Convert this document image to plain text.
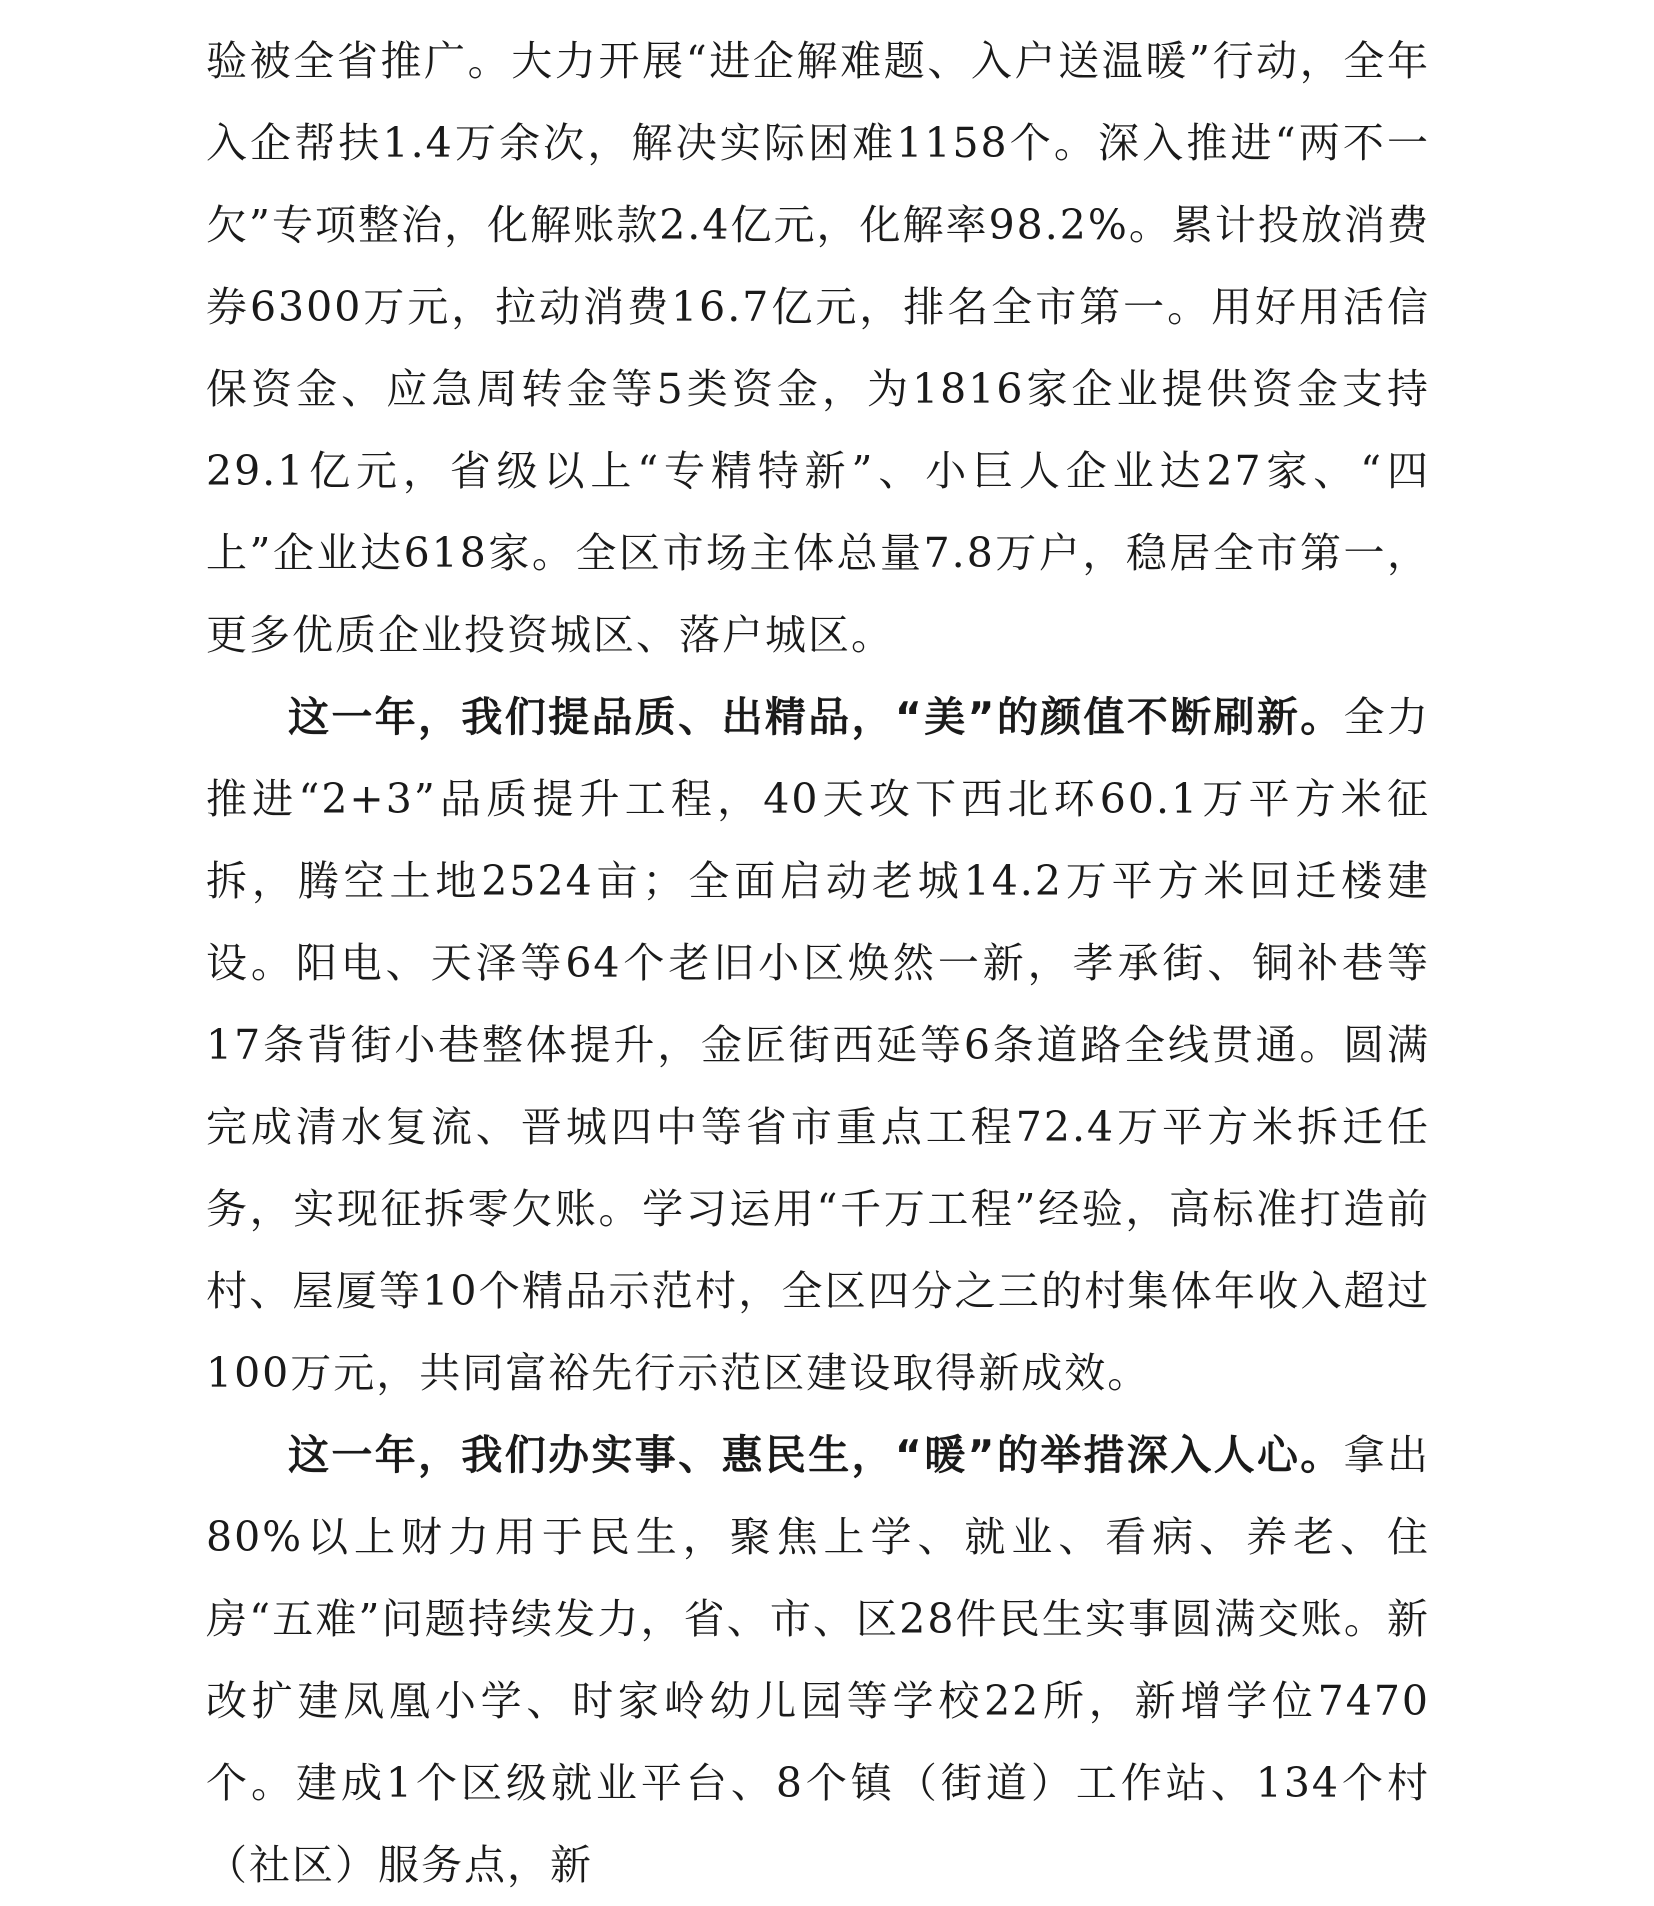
验被全省推广。大力开展“进企解难题、入户送温暖”行动，全年入企帮扶1.4万余次，解决实际困难1158个。深入推进“两不一欠”专项整治，化解账款2.4亿元，化解率98.2%。累计投放消费券6300万元，拉动消费16.7亿元，排名全市第一。用好用活信保资金、应急周转金等5类资金，为1816家企业提供资金支持29.1亿元，省级以上“专精特新”、小巨人企业达27家、“四上”企业达618家。全区市场主体总量7.8万户，稳居全市第一，更多优质企业投资城区、落户城区。

这一年，我们提品质、出精品，“美”的颜值不断刷新。全力推进“2+3”品质提升工程，40天攻下西北环60.1万平方米征拆，腾空土地2524亩；全面启动老城14.2万平方米回迁楼建设。阳电、天泽等64个老旧小区焕然一新，孝承街、铜补巷等17条背街小巷整体提升，金匠街西延等6条道路全线贯通。圆满完成清水复流、晋城四中等省市重点工程72.4万平方米拆迁任务，实现征拆零欠账。学习运用“千万工程”经验，高标准打造前村、屋厦等10个精品示范村，全区四分之三的村集体年收入超过100万元，共同富裕先行示范区建设取得新成效。

这一年，我们办实事、惠民生，“暖”的举措深入人心。拿出80%以上财力用于民生，聚焦上学、就业、看病、养老、住房“五难”问题持续发力，省、市、区28件民生实事圆满交账。新改扩建凤凰小学、时家岭幼儿园等学校22所，新增学位7470个。建成1个区级就业平台、8个镇（街道）工作站、134个村（社区）服务点，新
